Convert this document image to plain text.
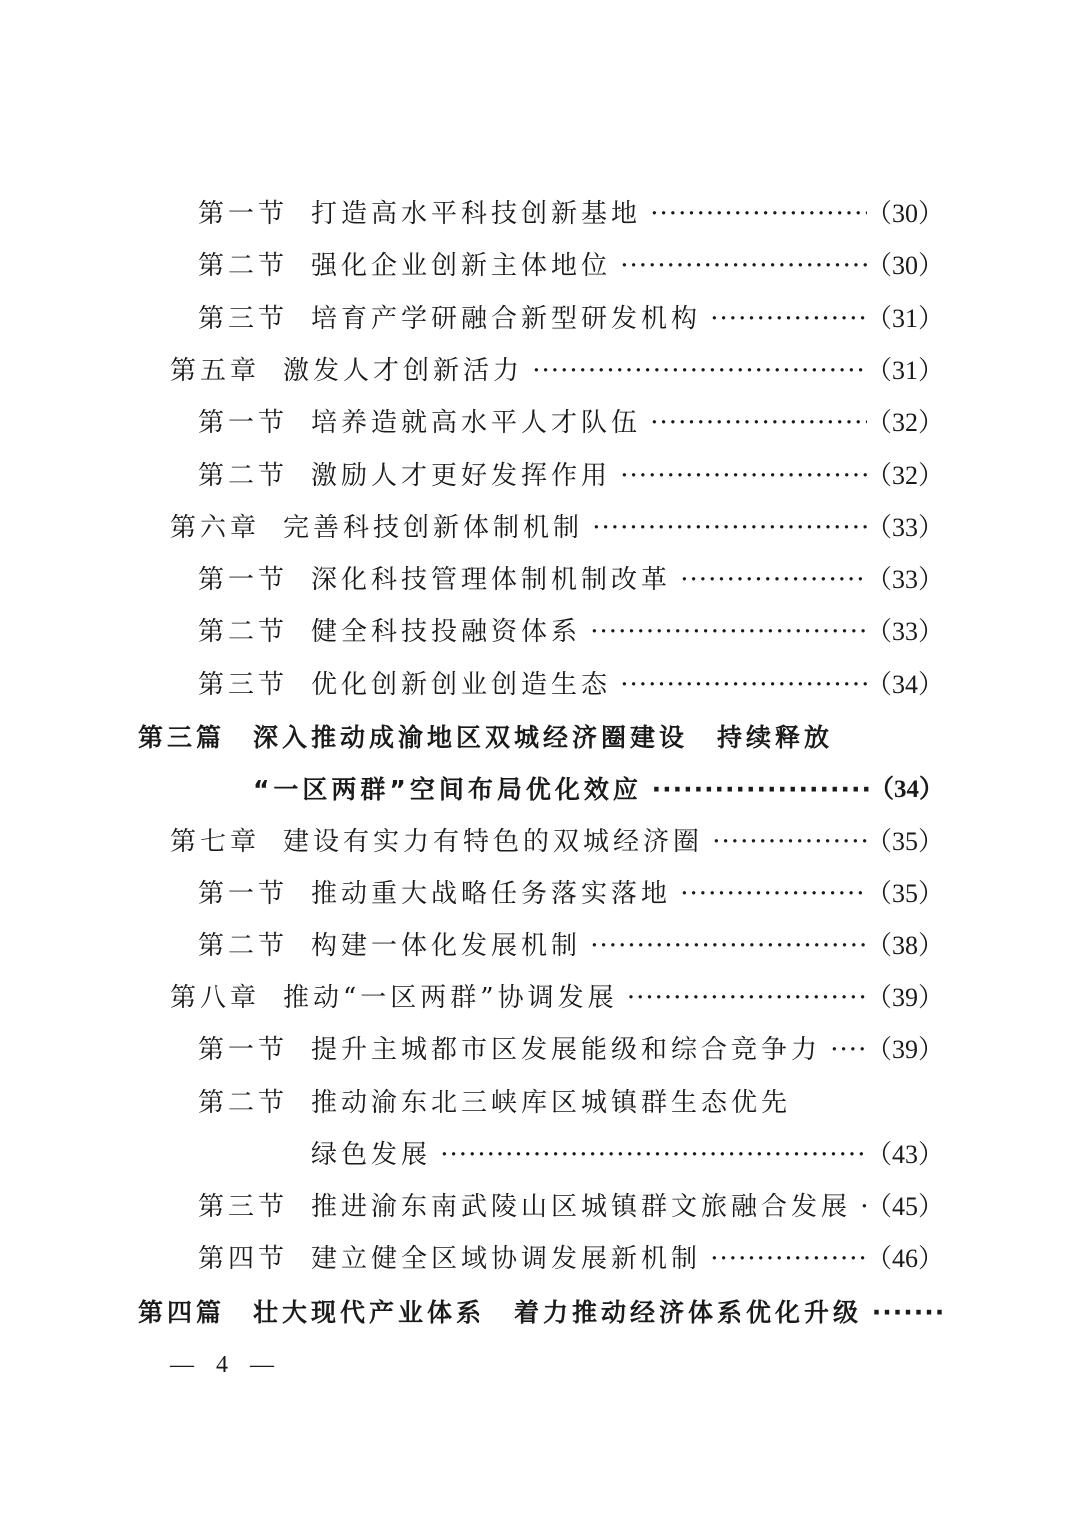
第一节 打造高水平科技创新基地 ·····	（30）
第二节 强化企业创新主体地位 ·····	（30）
第三节 培育产学研融合新型研发机构 ·····	（31）
第五章 激发人才创新活力 ·····	（31）
第一节 培养造就高水平人才队伍 ·····	（32）
第二节 激励人才更好发挥作用 ·····	（32）
第六章 完善科技创新体制机制 ·····	（33）
第一节 深化科技管理体制机制改革 ·····	（33）
第二节 健全科技投融资体系 ·····	（33）
第三节 优化创新创业创造生态 ·····	（34）
第三篇 深入推动成渝地区双城经济圈建设　持续释放
“一区两群”空间布局优化效应 ·····	（34）
第七章 建设有实力有特色的双城经济圈 ·····	（35）
第一节 推动重大战略任务落实落地 ·····	（35）
第二节 构建一体化发展机制 ·····	（38）
第八章 推动“一区两群”协调发展 ·····	（39）
第一节 提升主城都市区发展能级和综合竞争力 ·····	（39）
第二节 推动渝东北三峡库区城镇群生态优先
绿色发展 ·····	（43）
第三节 推进渝东南武陵山区城镇群文旅融合发展 ····· （45）
第四节 建立健全区域协调发展新机制 ·····	（46）
第四篇 壮大现代产业体系　着力推动经济体系优化升级 ·····
— 4 —
